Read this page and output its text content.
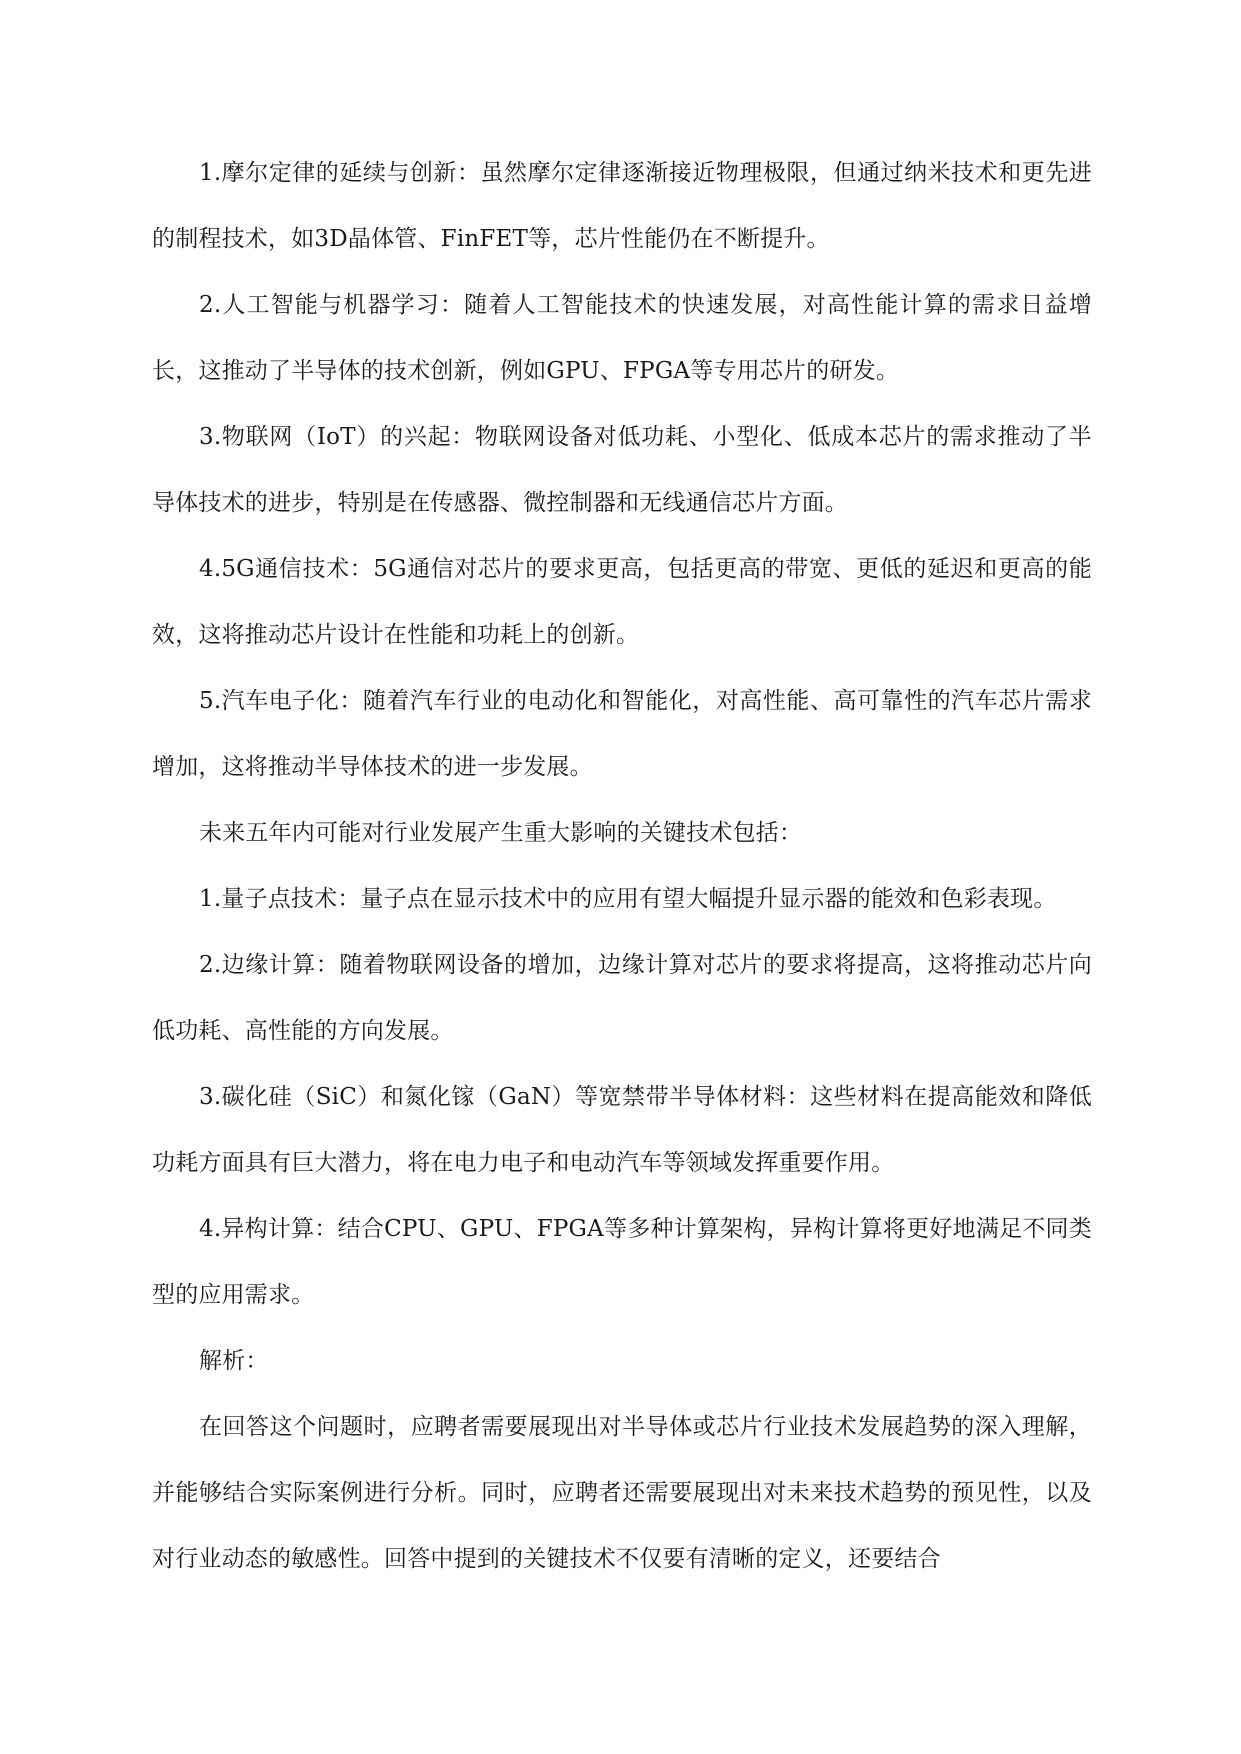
1.摩尔定律的延续与创新：虽然摩尔定律逐渐接近物理极限，但通过纳米技术和更先进的制程技术，如3D晶体管、FinFET等，芯片性能仍在不断提升。

2.人工智能与机器学习：随着人工智能技术的快速发展，对高性能计算的需求日益增长，这推动了半导体的技术创新，例如GPU、FPGA等专用芯片的研发。

3.物联网（IoT）的兴起：物联网设备对低功耗、小型化、低成本芯片的需求推动了半导体技术的进步，特别是在传感器、微控制器和无线通信芯片方面。

4.5G通信技术：5G通信对芯片的要求更高，包括更高的带宽、更低的延迟和更高的能效，这将推动芯片设计在性能和功耗上的创新。

5.汽车电子化：随着汽车行业的电动化和智能化，对高性能、高可靠性的汽车芯片需求增加，这将推动半导体技术的进一步发展。

未来五年内可能对行业发展产生重大影响的关键技术包括：

1.量子点技术：量子点在显示技术中的应用有望大幅提升显示器的能效和色彩表现。

2.边缘计算：随着物联网设备的增加，边缘计算对芯片的要求将提高，这将推动芯片向低功耗、高性能的方向发展。

3.碳化硅（SiC）和氮化镓（GaN）等宽禁带半导体材料：这些材料在提高能效和降低功耗方面具有巨大潜力，将在电力电子和电动汽车等领域发挥重要作用。

4.异构计算：结合CPU、GPU、FPGA等多种计算架构，异构计算将更好地满足不同类型的应用需求。

解析：

在回答这个问题时，应聘者需要展现出对半导体或芯片行业技术发展趋势的深入理解，并能够结合实际案例进行分析。同时，应聘者还需要展现出对未来技术趋势的预见性，以及对行业动态的敏感性。回答中提到的关键技术不仅要有清晰的定义，还要结合
